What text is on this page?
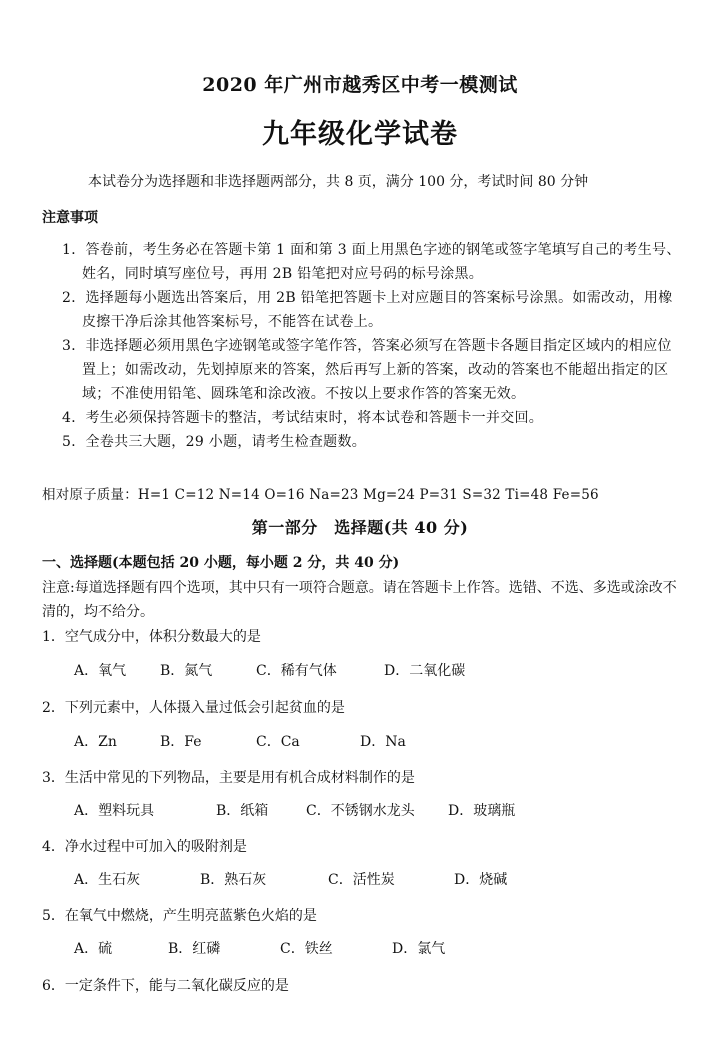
2020 年广州市越秀区中考一模测试
九年级化学试卷
本试卷分为选择题和非选择题两部分，共 8 页，满分 100 分，考试时间 80 分钟
注意事项
1．答卷前，考生务必在答题卡第 1 面和第 3 面上用黑色字迹的钢笔或签字笔填写自己的考生号、姓名，同时填写座位号，再用 2B 铅笔把对应号码的标号涂黑。
2．选择题每小题选出答案后，用 2B 铅笔把答题卡上对应题目的答案标号涂黑。如需改动，用橡皮擦干净后涂其他答案标号，不能答在试卷上。
3．非选择题必须用黑色字迹钢笔或签字笔作答，答案必须写在答题卡各题目指定区域内的相应位置上；如需改动，先划掉原来的答案，然后再写上新的答案，改动的答案也不能超出指定的区域；不准使用铅笔、圆珠笔和涂改液。不按以上要求作答的答案无效。
4．考生必须保持答题卡的整洁，考试结束时，将本试卷和答题卡一并交回。
5．全卷共三大题，29 小题，请考生检查题数。
相对原子质量：H=1 C=12 N=14 O=16 Na=23 Mg=24 P=31 S=32 Ti=48 Fe=56
第一部分　选择题(共 40 分)
一、选择题(本题包括 20 小题，每小题 2 分，共 40 分)
注意:每道选择题有四个选项，其中只有一项符合题意。请在答题卡上作答。选错、不选、多选或涂改不清的，均不给分。
1．空气成分中，体积分数最大的是
A．氧气 B．氮气	C．稀有气体	D．二氧化碳
2．下列元素中，人体摄入量过低会引起贫血的是
A．Zn	B．Fe	C．Ca	D．Na
3．生活中常见的下列物品，主要是用有机合成材料制作的是
A．塑料玩具	B．纸箱	C．不锈钢水龙头 D．玻璃瓶
4．净水过程中可加入的吸附剂是
A．生石灰	B．熟石灰	C．活性炭	D．烧碱
5．在氧气中燃烧，产生明亮蓝紫色火焰的是
A．硫	B．红磷	C．铁丝	D．氯气
6．一定条件下，能与二氧化碳反应的是
